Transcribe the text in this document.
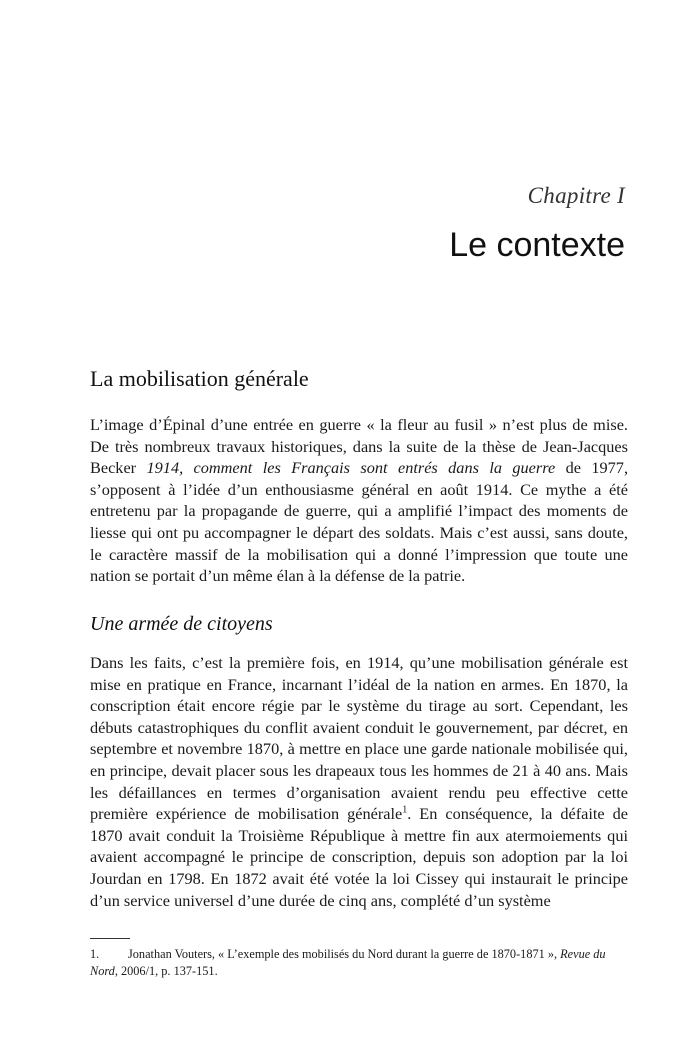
Chapitre I
Le contexte
La mobilisation générale

L’image d’Épinal d’une entrée en guerre « la fleur au fusil » n’est plus de mise. De très nombreux travaux historiques, dans la suite de la thèse de Jean-Jacques Becker 1914, comment les Français sont entrés dans la guerre de 1977, s’opposent à l’idée d’un enthousiasme général en août 1914. Ce mythe a été entretenu par la propagande de guerre, qui a amplifié l’impact des moments de liesse qui ont pu accompagner le départ des soldats. Mais c’est aussi, sans doute, le caractère massif de la mobilisation qui a donné l’impression que toute une nation se portait d’un même élan à la défense de la patrie.

Une armée de citoyens

Dans les faits, c’est la première fois, en 1914, qu’une mobilisation générale est mise en pratique en France, incarnant l’idéal de la nation en armes. En 1870, la conscription était encore régie par le système du tirage au sort. Cependant, les débuts catastrophiques du conflit avaient conduit le gouvernement, par décret, en septembre et novembre 1870, à mettre en place une garde nationale mobilisée qui, en principe, devait placer sous les drapeaux tous les hommes de 21 à 40 ans. Mais les défaillances en termes d’organisation avaient rendu peu effective cette première expérience de mobilisation générale$^1$. En conséquence, la défaite de 1870 avait conduit la Troisième République à mettre fin aux atermoiements qui avaient accompagné le principe de conscription, depuis son adoption par la loi Jourdan en 1798. En 1872 avait été votée la loi Cissey qui instaurait le principe d’un service universel d’une durée de cinq ans, complété d’un système

1. Jonathan Vouters, « L’exemple des mobilisés du Nord durant la guerre de 1870-1871 », Revue du Nord, 2006/1, p. 137-151.
